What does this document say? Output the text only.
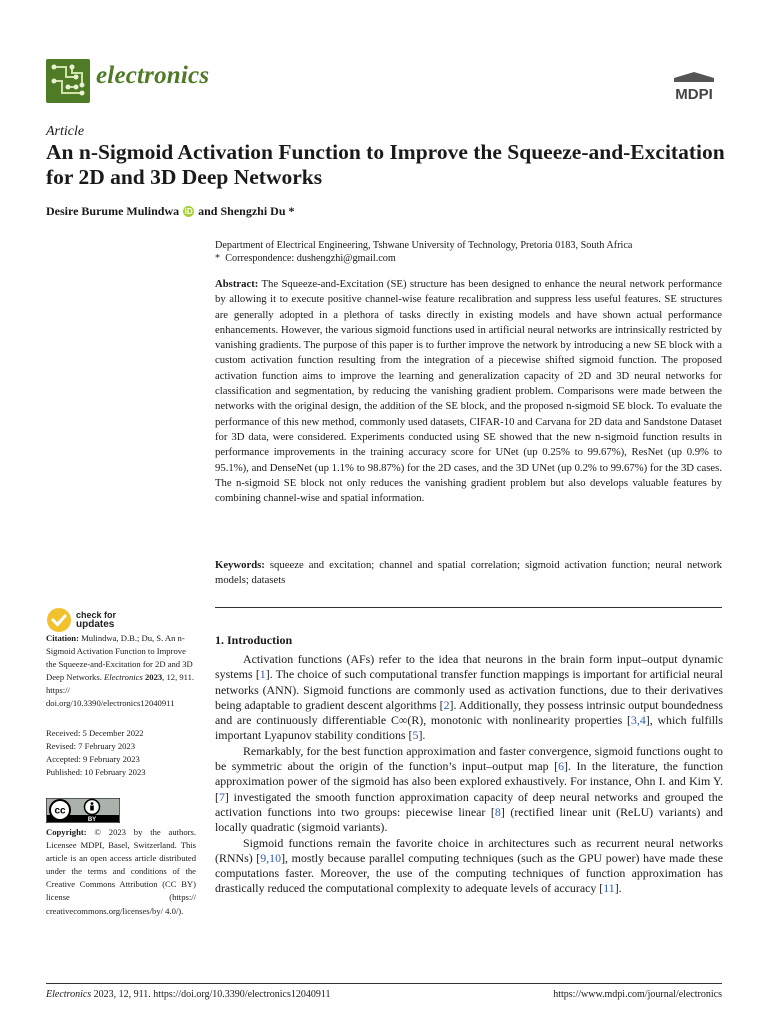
electronics
MDPI
Article
An n-Sigmoid Activation Function to Improve the Squeeze-and-Excitation for 2D and 3D Deep Networks
Desire Burume Mulindwa iD and Shengzhi Du *
Department of Electrical Engineering, Tshwane University of Technology, Pretoria 0183, South Africa
* Correspondence: dushengzhi@gmail.com
Abstract: The Squeeze-and-Excitation (SE) structure has been designed to enhance the neural network performance by allowing it to execute positive channel-wise feature recalibration and suppress less useful features. SE structures are generally adopted in a plethora of tasks directly in existing models and have shown actual performance enhancements. However, the various sigmoid functions used in artificial neural networks are intrinsically restricted by vanishing gradients. The purpose of this paper is to further improve the network by introducing a new SE block with a custom activation function resulting from the integration of a piecewise shifted sigmoid function. The proposed activation function aims to improve the learning and generalization capacity of 2D and 3D neural networks for classification and segmentation, by reducing the vanishing gradient problem. Comparisons were made between the networks with the original design, the addition of the SE block, and the proposed n-sigmoid SE block. To evaluate the performance of this new method, commonly used datasets, CIFAR-10 and Carvana for 2D data and Sandstone Dataset for 3D data, were considered. Experiments conducted using SE showed that the new n-sigmoid function results in performance improvements in the training accuracy score for UNet (up 0.25% to 99.67%), ResNet (up 0.9% to 95.1%), and DenseNet (up 1.1% to 98.87%) for the 2D cases, and the 3D UNet (up 0.2% to 99.67%) for the 3D cases. The n-sigmoid SE block not only reduces the vanishing gradient problem but also develops valuable features by combining channel-wise and spatial information.
Keywords: squeeze and excitation; channel and spatial correlation; sigmoid activation function; neural network models; datasets
check for
updates

Citation: Mulindwa, D.B.; Du, S. An n-Sigmoid Activation Function to Improve the Squeeze-and-Excitation for 2D and 3D Deep Networks. Electronics 2023, 12, 911. https:// doi.org/10.3390/electronics12040911

Received: 5 December 2022

Revised: 7 February 2023

Accepted: 9 February 2023

Published: 10 February 2023

cc
BY

Copyright: © 2023 by the authors. Licensee MDPI, Basel, Switzerland. This article is an open access article distributed under the terms and conditions of the Creative Commons Attribution (CC BY) license (https:// creativecommons.org/licenses/by/ 4.0/).

1. Introduction

Activation functions (AFs) refer to the idea that neurons in the brain form input–output dynamic systems [1]. The choice of such computational transfer function mappings is important for artificial neural networks (ANN). Sigmoid functions are commonly used as activation functions, due to their derivatives being adaptable to gradient descent algorithms [2]. Additionally, they possess intrinsic output boundedness and are continuously differentiable C∞(R), monotonic with nonlinearity properties [3,4], which fulfills important Lyapunov stability conditions [5].

Remarkably, for the best function approximation and faster convergence, sigmoid functions ought to be symmetric about the origin of the function’s input–output map [6]. In the literature, the function approximation power of the sigmoid has also been explored exhaustively. For instance, Ohn I. and Kim Y. [7] investigated the smooth function approximation capacity of deep neural networks and grouped the activation functions into two groups: piecewise linear [8] (rectified linear unit (ReLU) variants) and locally quadratic (sigmoid variants).

Sigmoid functions remain the favorite choice in architectures such as recurrent neural networks (RNNs) [9,10], mostly because parallel computing techniques (such as the GPU power) have made these computations faster. Moreover, the use of the computing techniques of function approximation has drastically reduced the computational complexity to adequate levels of accuracy [11].

Electronics 2023, 12, 911. https://doi.org/10.3390/electronics12040911	https://www.mdpi.com/journal/electronics
